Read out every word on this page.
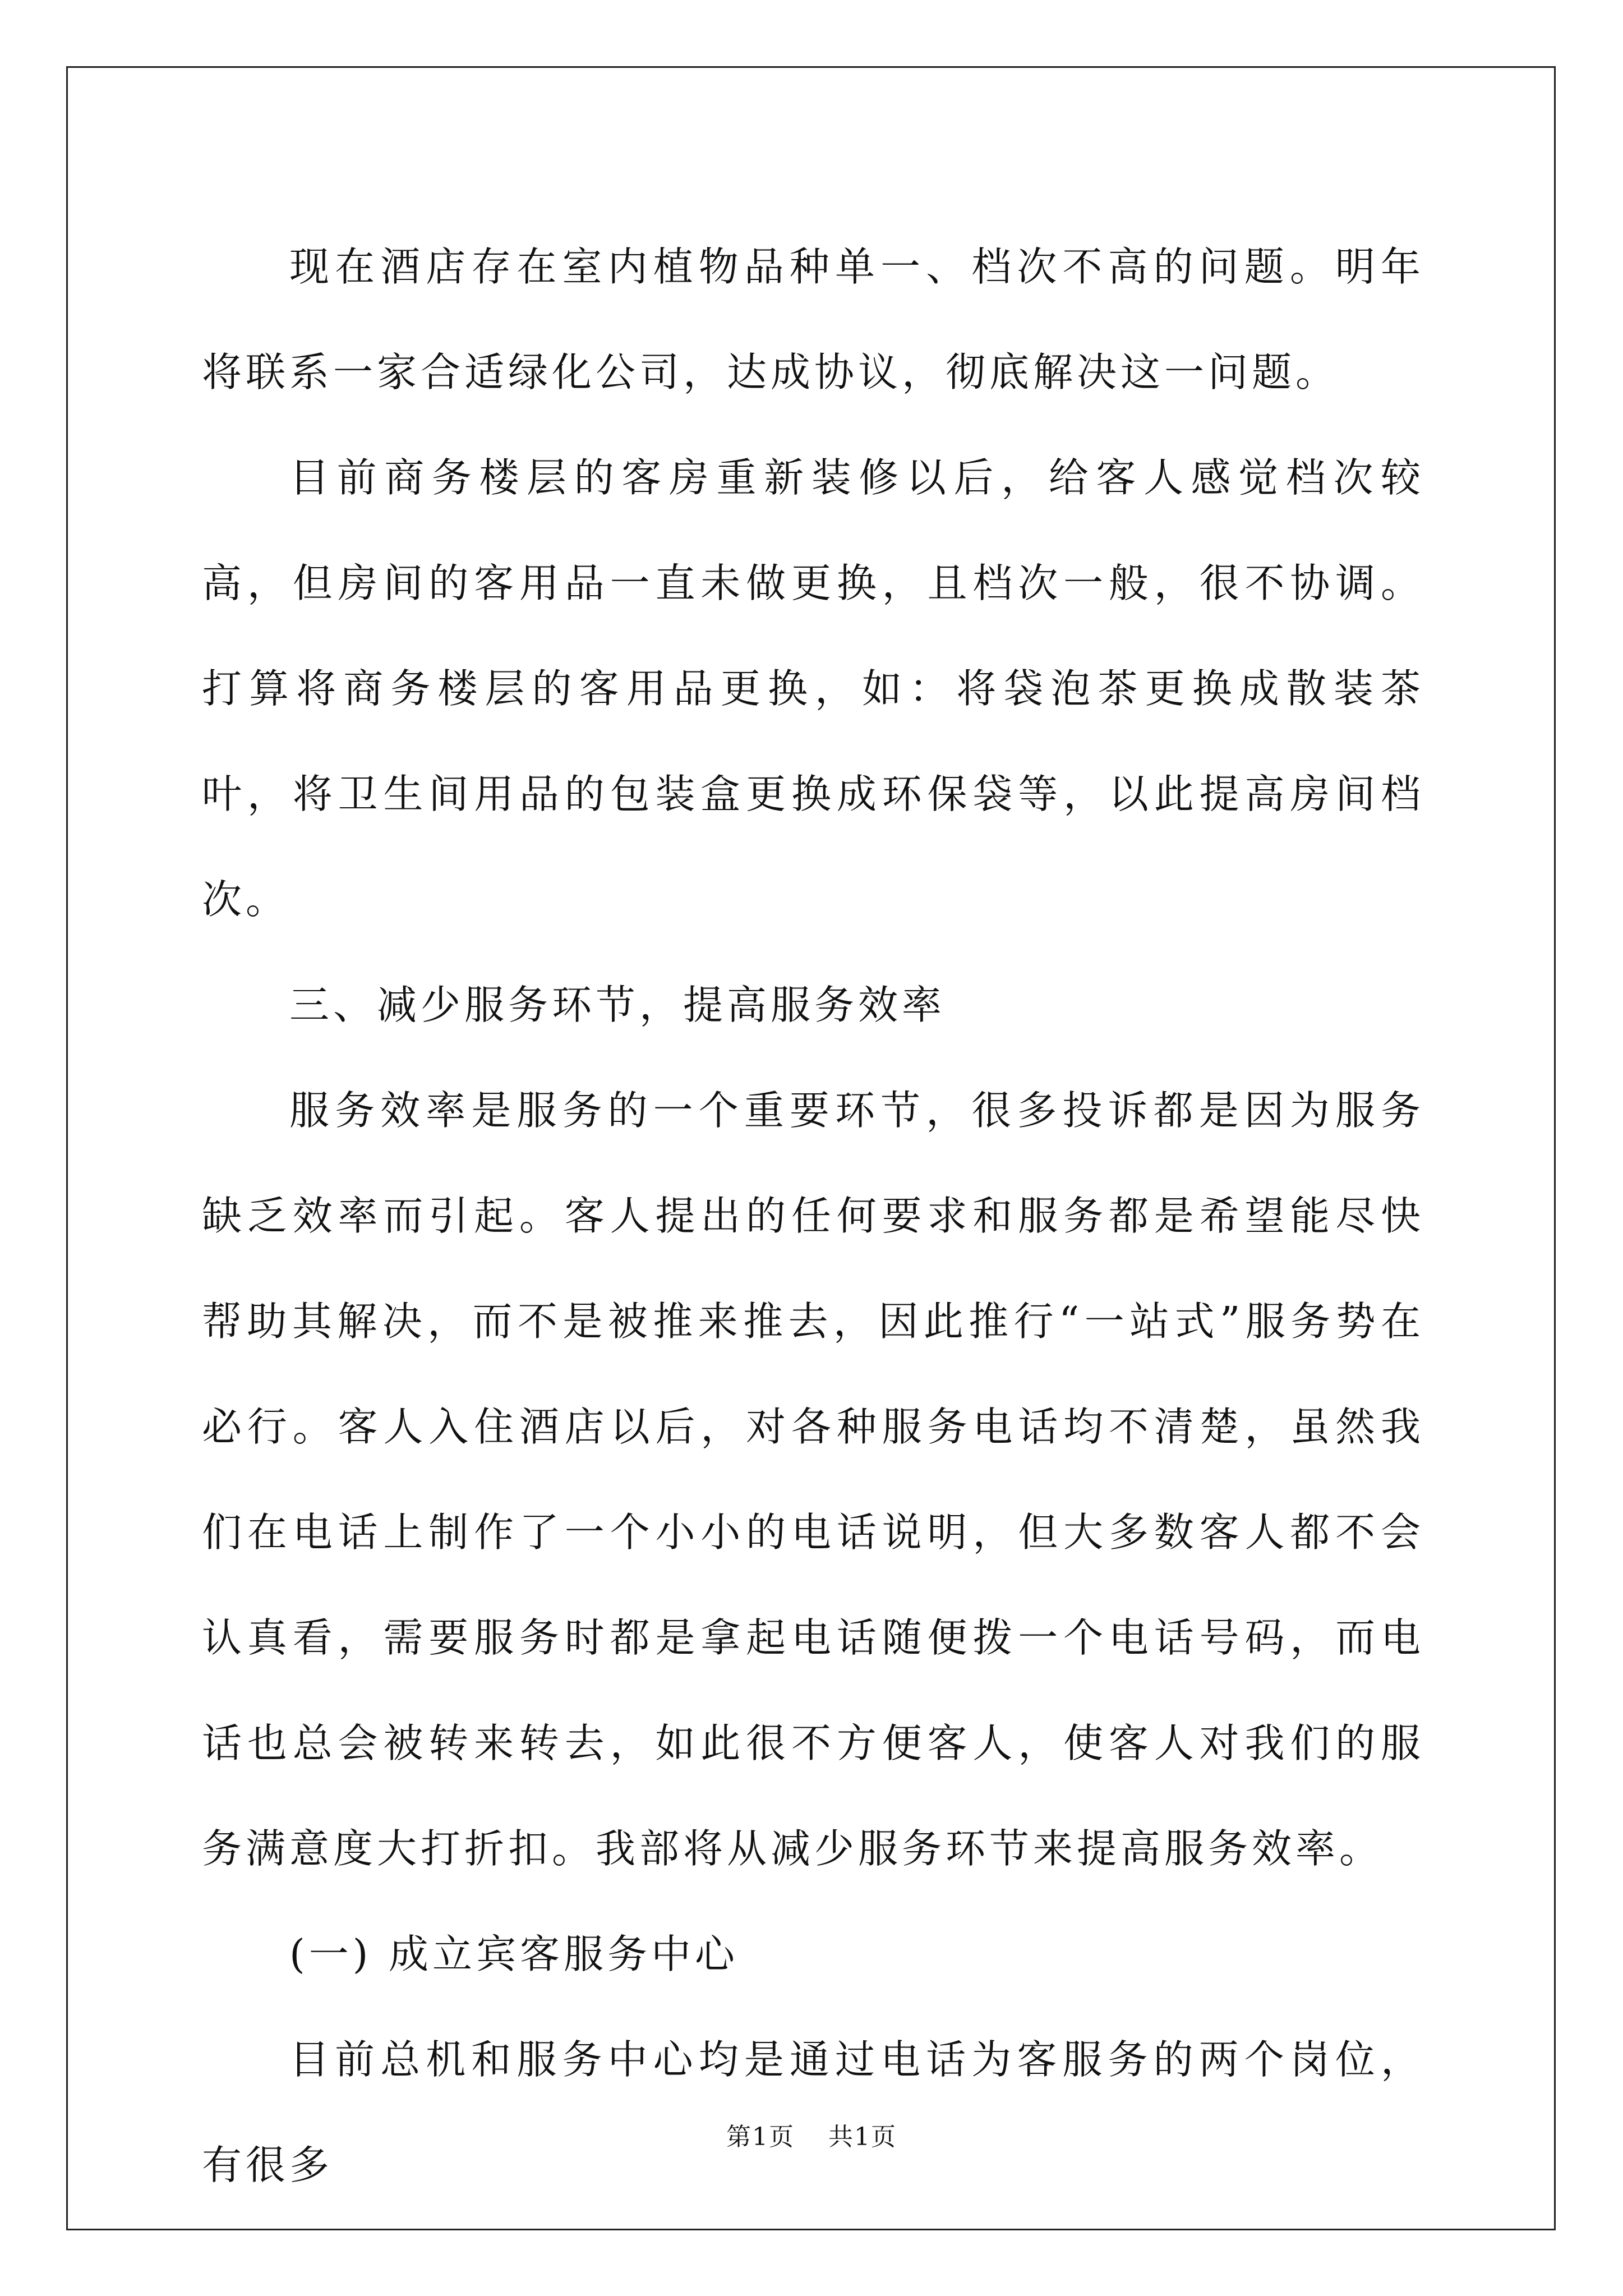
现在酒店存在室内植物品种单一、档次不高的问题。明年将联系一家合适绿化公司，达成协议，彻底解决这一问题。

目前商务楼层的客房重新装修以后，给客人感觉档次较高，但房间的客用品一直未做更换，且档次一般，很不协调。打算将商务楼层的客用品更换，如：将袋泡茶更换成散装茶叶，将卫生间用品的包装盒更换成环保袋等，以此提高房间档次。

三、减少服务环节，提高服务效率

服务效率是服务的一个重要环节，很多投诉都是因为服务缺乏效率而引起。客人提出的任何要求和服务都是希望能尽快帮助其解决，而不是被推来推去，因此推行“一站式”服务势在必行。客人入住酒店以后，对各种服务电话均不清楚，虽然我们在电话上制作了一个小小的电话说明，但大多数客人都不会认真看，需要服务时都是拿起电话随便拨一个电话号码，而电话也总会被转来转去，如此很不方便客人，使客人对我们的服务满意度大打折扣。我部将从减少服务环节来提高服务效率。

(一) 成立宾客服务中心

目前总机和服务中心均是通过电话为客服务的两个岗位，有很多

第1页 共1页
